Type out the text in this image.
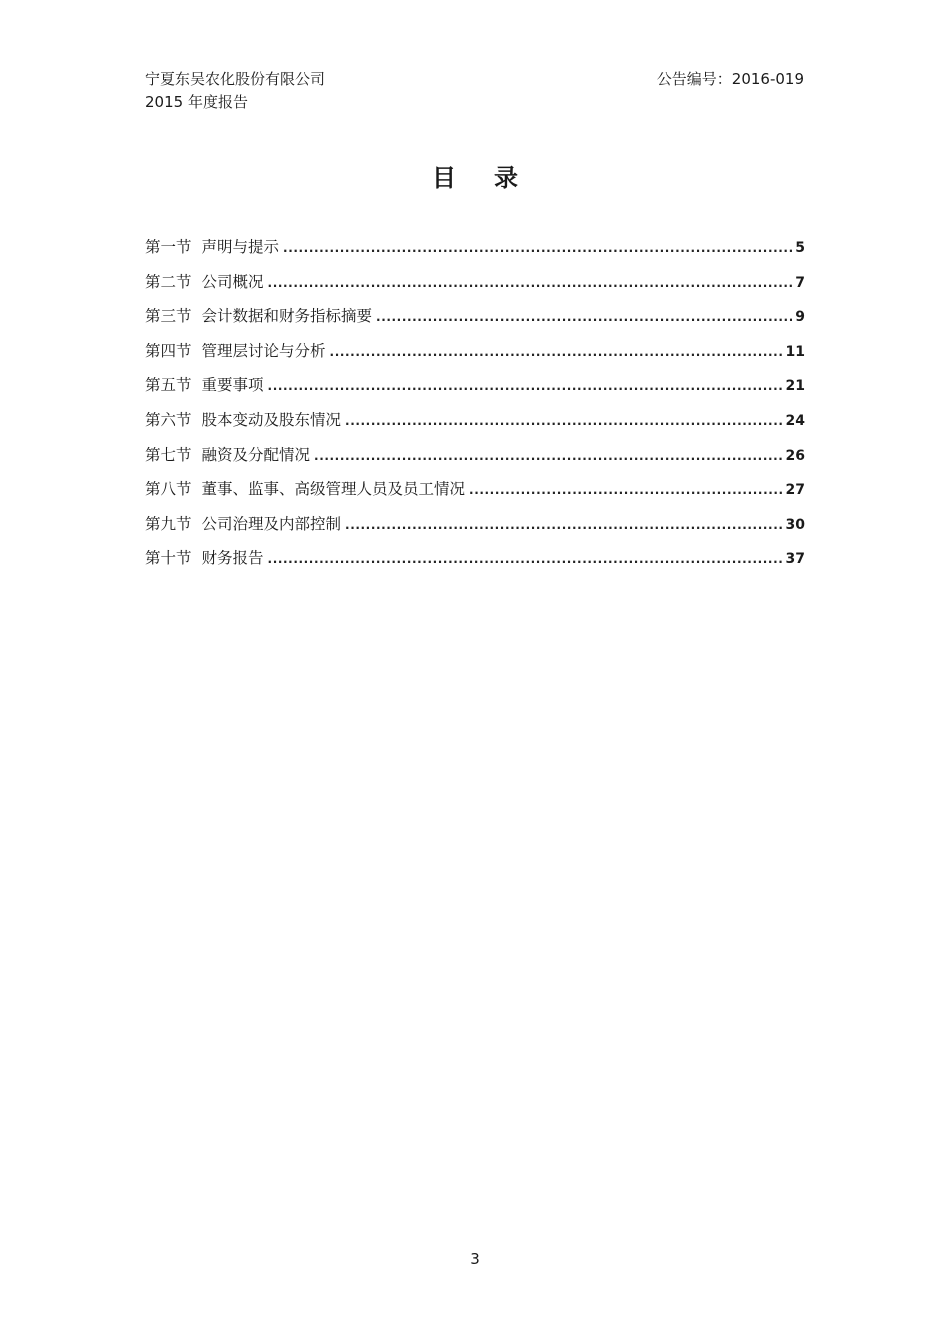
宁夏东吴农化股份有限公司	公告编号：2016-019
2015 年度报告
目录
第一节 声明与提示 .....	5
第二节 公司概况 .....	7
第三节 会计数据和财务指标摘要 .....	9
第四节 管理层讨论与分析 .....	11
第五节 重要事项 .....	21
第六节 股本变动及股东情况 .....	24
第七节 融资及分配情况 .....	26
第八节 董事、监事、高级管理人员及员工情况 .....	27
第九节 公司治理及内部控制 .....	30
第十节 财务报告 .....	37
3
